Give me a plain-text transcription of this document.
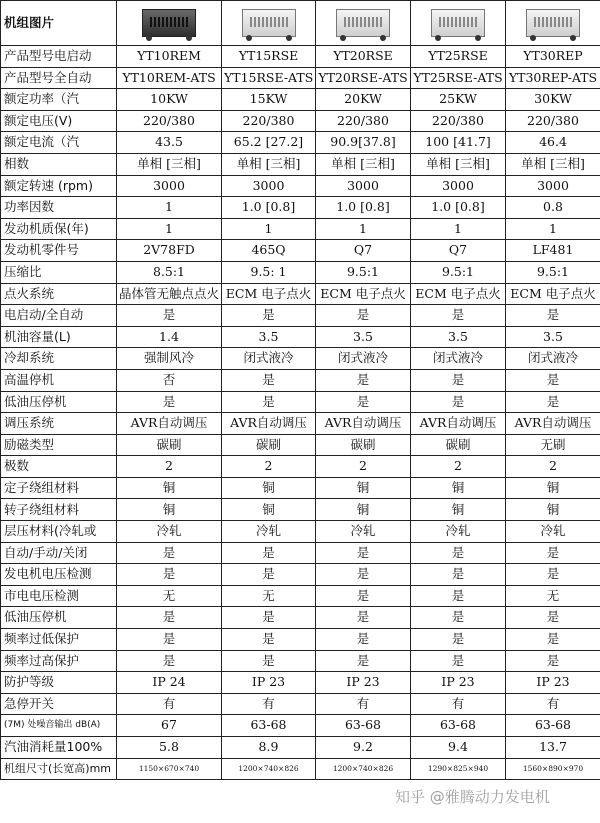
机组图片	

产品型号电启动	YT10REM	YT15RSE	YT20RSE	YT25RSE	YT30REP
产品型号全自动	YT10REM-ATS	YT15RSE-ATS	YT20RSE-ATS	YT25RSE-ATS	YT30REP-ATS
额定功率（汽	10KW	15KW	20KW	25KW	30KW
额定电压(V)	220/380	220/380	220/380	220/380	220/380
额定电流（汽	43.5	65.2 [27.2]	90.9[37.8]	100 [41.7]	46.4
相数	单相 [三相]	单相 [三相]	单相 [三相]	单相 [三相]	单相 [三相]
额定转速 (rpm)	3000	3000	3000	3000	3000
功率因数	1	1.0 [0.8]	1.0 [0.8]	1.0 [0.8]	0.8
发动机质保(年)	1	1	1	1	1
发动机零件号	2V78FD	465Q	Q7	Q7	LF481
压缩比	8.5:1	9.5: 1	9.5:1	9.5:1	9.5:1
点火系统	晶体管无触点点火	ECM 电子点火	ECM 电子点火	ECM 电子点火	ECM 电子点火
电启动/全自动	是	是	是	是	是
机油容量(L)	1.4	3.5	3.5	3.5	3.5
冷却系统	强制风冷	闭式液冷	闭式液冷	闭式液冷	闭式液冷
高温停机	否	是	是	是	是
低油压停机	是	是	是	是	是
调压系统	AVR自动调压	AVR自动调压	AVR自动调压	AVR自动调压	AVR自动调压
励磁类型	碳刷	碳刷	碳刷	碳刷	无刷
极数	2	2	2	2	2
定子绕组材料	铜	铜	铜	铜	铜
转子绕组材料	铜	铜	铜	铜	铜
层压材料(冷轧或	冷轧	冷轧	冷轧	冷轧	冷轧
自动/手动/关闭	是	是	是	是	是
发电机电压检测	是	是	是	是	是
市电电压检测	无	无	是	是	无
低油压停机	是	是	是	是	是
频率过低保护	是	是	是	是	是
频率过高保护	是	是	是	是	是
防护等级	IP 24	IP 23	IP 23	IP 23	IP 23
急停开关	有	有	有	有	有
(7M) 处噪音输出 dB(A)	67	63-68	63-68	63-68	63-68
汽油消耗量100%	5.8	8.9	9.2	9.4	13.7
机组尺寸(长宽高)mm	1150×670×740	1200×740×826	1200×740×826	1290×825×940	1560×890×970
知乎 @雅腾动力发电机
